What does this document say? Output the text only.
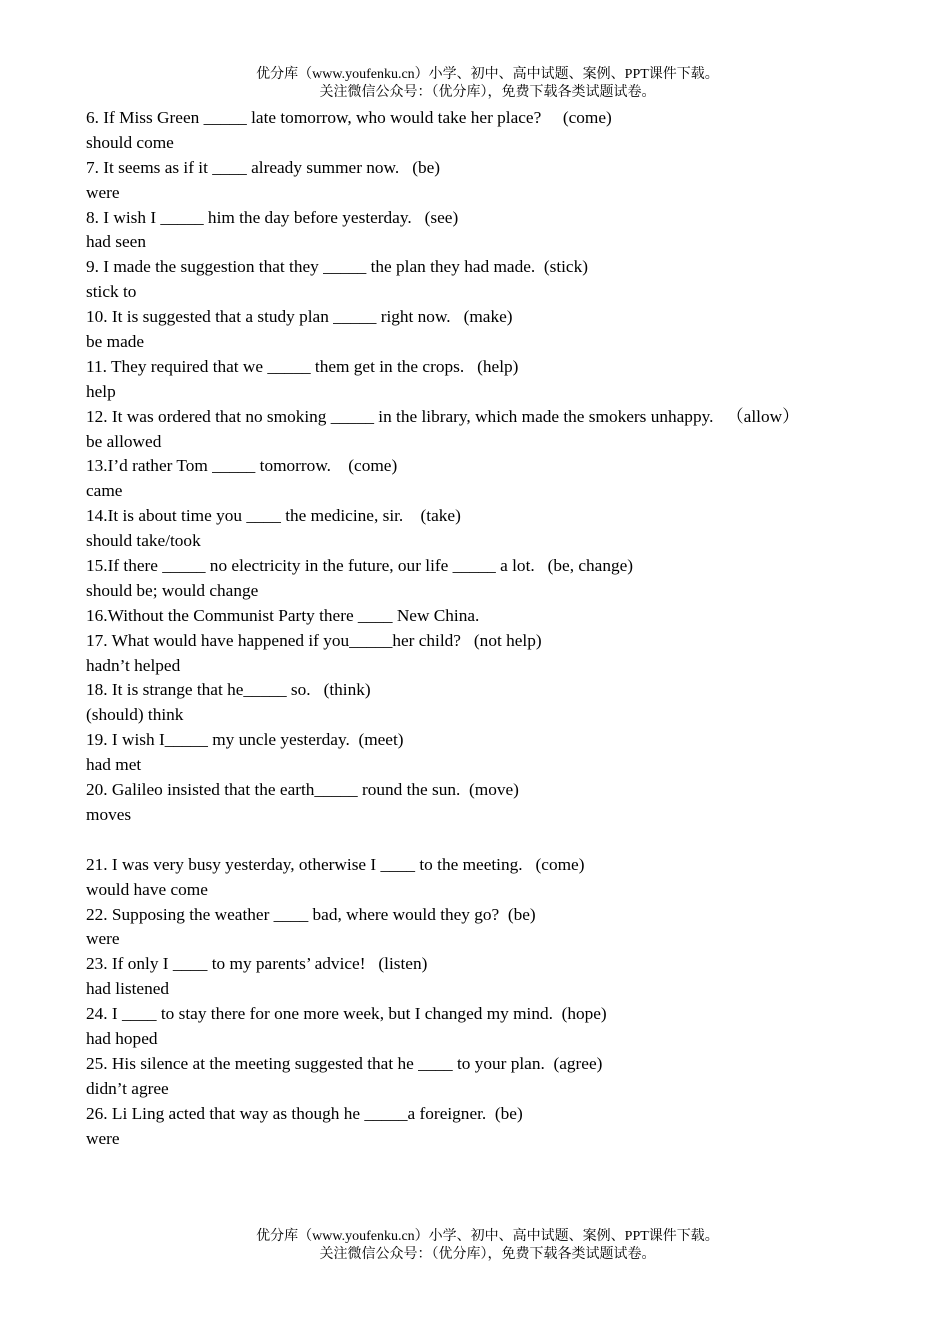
优分库（www.youfenku.cn）小学、初中、高中试题、案例、PPT课件下载。
关注微信公众号：（优分库），免费下载各类试题试卷。
6. If Miss Green _____ late tomorrow, who would take her place?     (come)
should come
7. It seems as if it ____ already summer now.   (be)
were
8. I wish I _____ him the day before yesterday.   (see)
had seen
9. I made the suggestion that they _____ the plan they had made.  (stick)
stick to
10. It is suggested that a study plan _____ right now.   (make)
be made
11. They required that we _____ them get in the crops.   (help)
help
12. It was ordered that no smoking _____ in the library, which made the smokers unhappy.   （allow）
be allowed
13.I’d rather Tom _____ tomorrow.    (come)
came
14.It is about time you ____ the medicine, sir.    (take)
should take/took
15.If there _____ no electricity in the future, our life _____ a lot.   (be, change)
should be; would change
16.Without the Communist Party there ____ New China.
17. What would have happened if you_____her child?   (not help)
hadn’t helped
18. It is strange that he_____ so.   (think)
(should) think
19. I wish I_____ my uncle yesterday.  (meet)
had met
20. Galileo insisted that the earth_____ round the sun.  (move)
moves
21. I was very busy yesterday, otherwise I ____ to the meeting.   (come)
would have come
22. Supposing the weather ____ bad, where would they go?  (be)
were
23. If only I ____ to my parents’ advice!   (listen)
had listened
24. I ____ to stay there for one more week, but I changed my mind.  (hope)
had hoped
25. His silence at the meeting suggested that he ____ to your plan.  (agree)
didn’t agree
26. Li Ling acted that way as though he _____a foreigner.  (be)
were
优分库（www.youfenku.cn）小学、初中、高中试题、案例、PPT课件下载。
关注微信公众号：（优分库），免费下载各类试题试卷。
